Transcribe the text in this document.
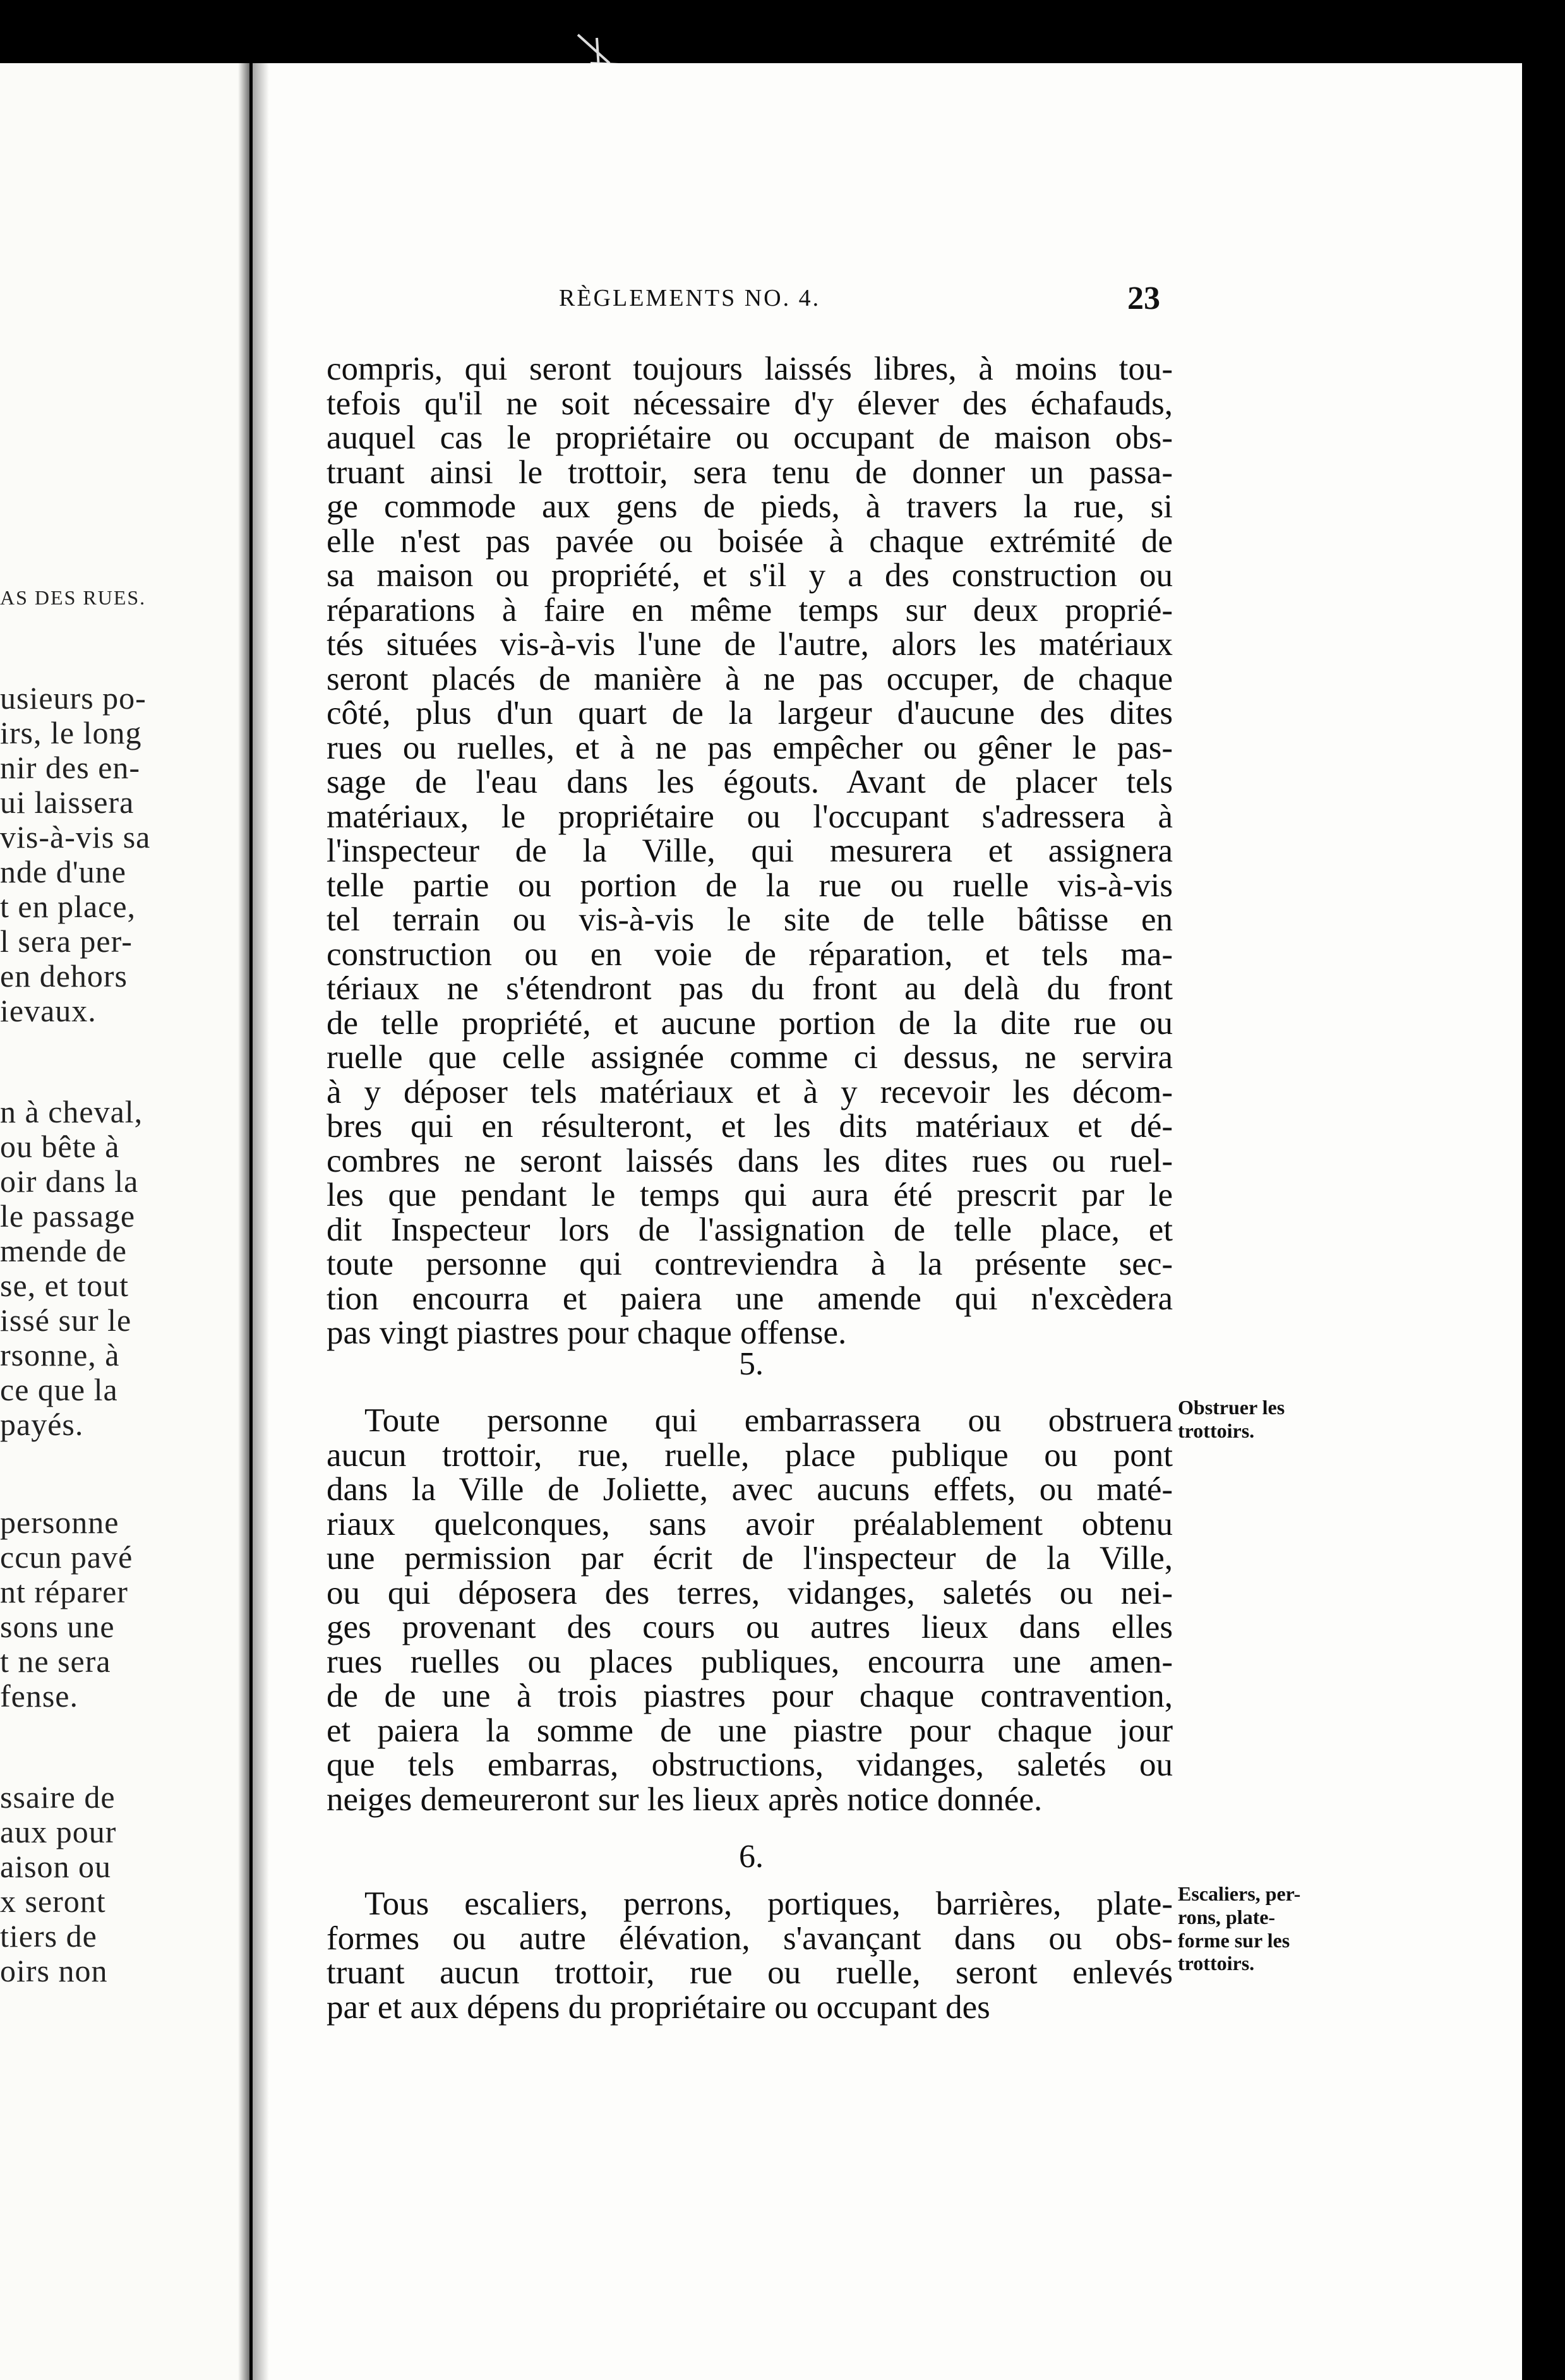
AS DES RUES.
usieurs po-
irs, le long
nir des en-
ui laissera
vis-à-vis sa
nde d'une
t en place,
l sera per-
en dehors
ievaux.
n à cheval,
ou bête à
oir dans la
le passage
mende de
se, et tout
issé sur le
rsonne, à
ce que la
payés.
personne
ccun pavé
nt réparer
sons une
t ne sera
fense.
ssaire de
aux pour
aison ou
x seront
tiers de
oirs non
RÈGLEMENTS NO. 4.	23
compris, qui seront toujours laissés libres, à moins tou-
tefois qu'il ne soit nécessaire d'y élever des échafauds,
auquel cas le propriétaire ou occupant de maison obs-
truant ainsi le trottoir, sera tenu de donner un passa-
ge commode aux gens de pieds, à travers la rue, si
elle n'est pas pavée ou boisée à chaque extrémité de
sa maison ou propriété, et s'il y a des construction ou
réparations à faire en même temps sur deux proprié-
tés situées vis-à-vis l'une de l'autre, alors les matériaux
seront placés de manière à ne pas occuper, de chaque
côté, plus d'un quart de la largeur d'aucune des dites
rues ou ruelles, et à ne pas empêcher ou gêner le pas-
sage de l'eau dans les égouts. Avant de placer tels
matériaux, le propriétaire ou l'occupant s'adressera à
l'inspecteur de la Ville, qui mesurera et assignera
telle partie ou portion de la rue ou ruelle vis-à-vis
tel terrain ou vis-à-vis le site de telle bâtisse en
construction ou en voie de réparation, et tels ma-
tériaux ne s'étendront pas du front au delà du front
de telle propriété, et aucune portion de la dite rue ou
ruelle que celle assignée comme ci dessus, ne servira
à y déposer tels matériaux et à y recevoir les décom-
bres qui en résulteront, et les dits matériaux et dé-
combres ne seront laissés dans les dites rues ou ruel-
les que pendant le temps qui aura été prescrit par le
dit Inspecteur lors de l'assignation de telle place, et
toute personne qui contreviendra à la présente sec-
tion encourra et paiera une amende qui n'excèdera
pas vingt piastres pour chaque offense.
5.
Toute personne qui embarrassera ou obstruera
aucun trottoir, rue, ruelle, place publique ou pont
dans la Ville de Joliette, avec aucuns effets, ou maté-
riaux quelconques, sans avoir préalablement obtenu
une permission par écrit de l'inspecteur de la Ville,
ou qui déposera des terres, vidanges, saletés ou nei-
ges provenant des cours ou autres lieux dans elles
rues ruelles ou places publiques, encourra une amen-
de de une à trois piastres pour chaque contravention,
et paiera la somme de une piastre pour chaque jour
que tels embarras, obstructions, vidanges, saletés ou
neiges demeureront sur les lieux après notice donnée.
Obstruer les
trottoirs.
6.
Tous escaliers, perrons, portiques, barrières, plate-
formes ou autre élévation, s'avançant dans ou obs-
truant aucun trottoir, rue ou ruelle, seront enlevés
par et aux dépens du propriétaire ou occupant des
Escaliers, per-
rons, plate-
forme sur les
trottoirs.
